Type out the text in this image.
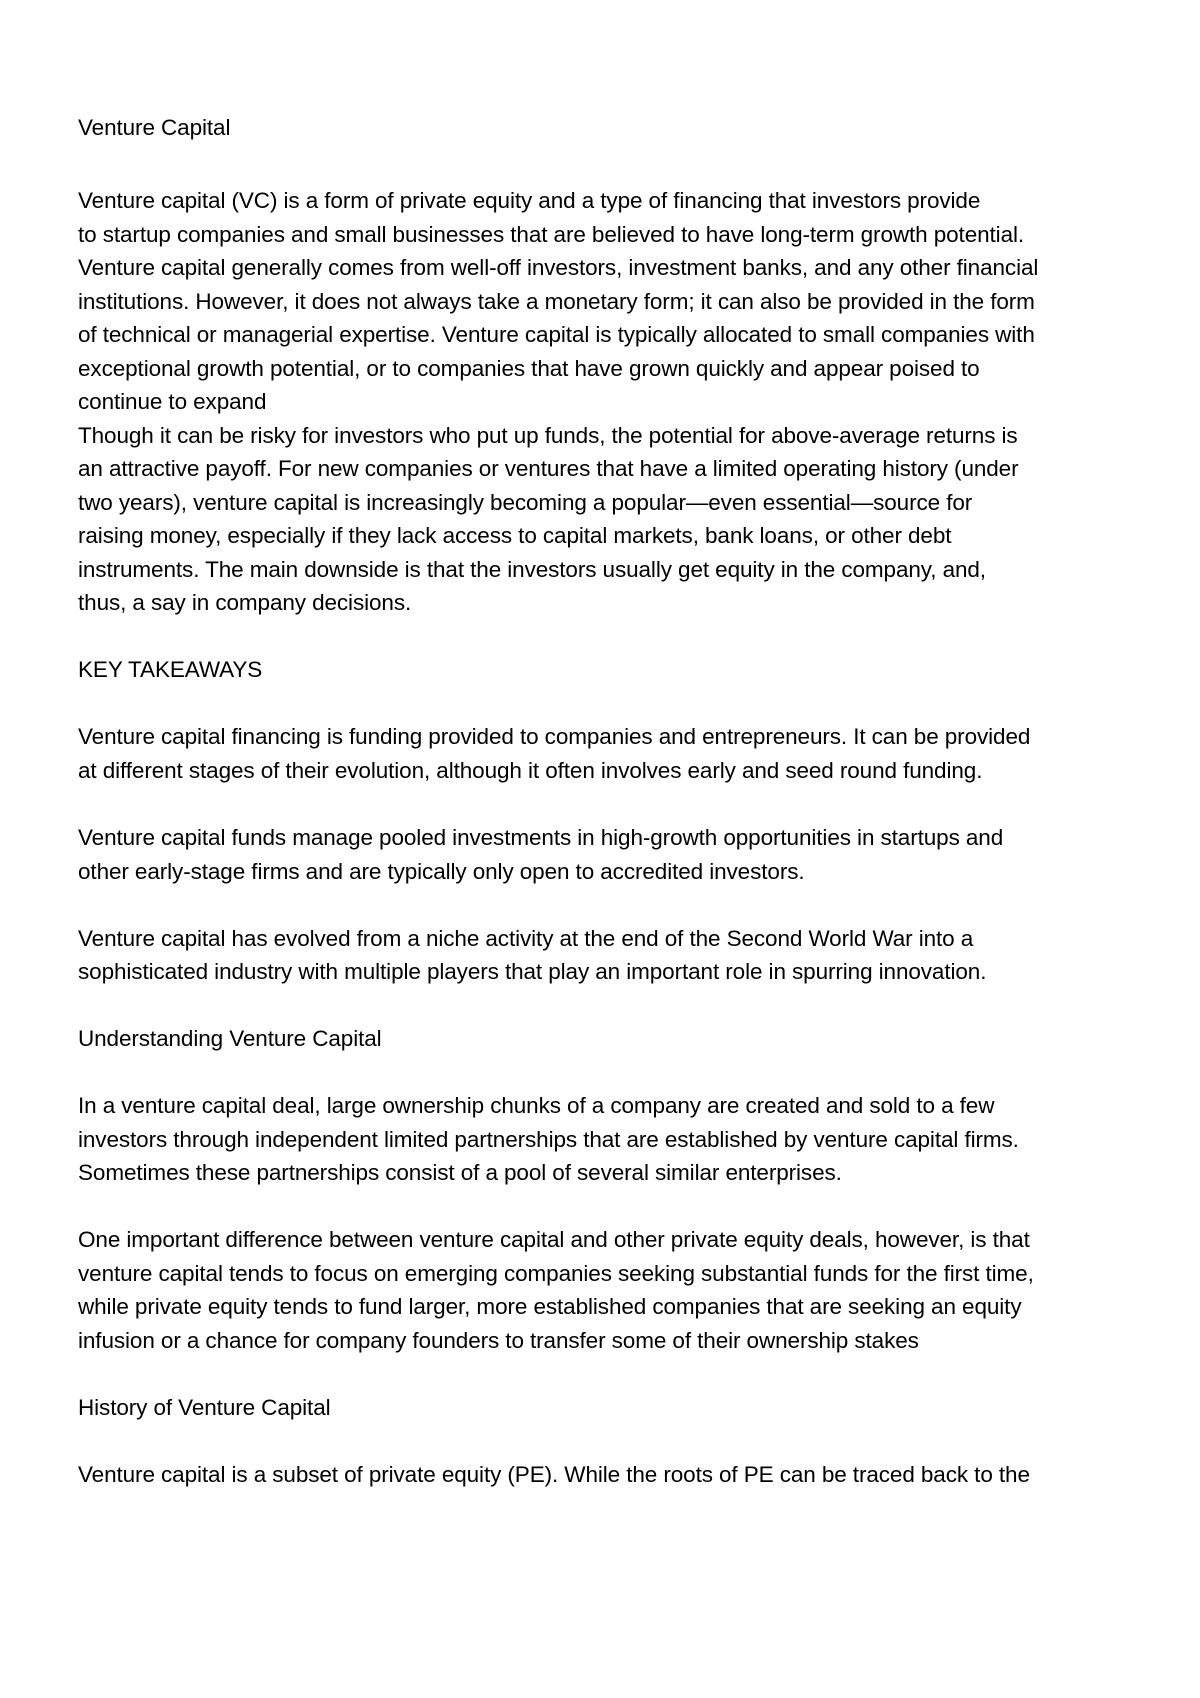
Venture Capital
Venture capital (VC) is a form of private equity and a type of financing that investors provide
to startup companies and small businesses that are believed to have long-term growth potential.
Venture capital generally comes from well-off investors, investment banks, and any other financial
institutions. However, it does not always take a monetary form; it can also be provided in the form
of technical or managerial expertise. Venture capital is typically allocated to small companies with
exceptional growth potential, or to companies that have grown quickly and appear poised to
continue to expand
Though it can be risky for investors who put up funds, the potential for above-average returns is
an attractive payoff. For new companies or ventures that have a limited operating history (under
two years), venture capital is increasingly becoming a popular—even essential—source for
raising money, especially if they lack access to capital markets, bank loans, or other debt
instruments. The main downside is that the investors usually get equity in the company, and,
thus, a say in company decisions.
KEY TAKEAWAYS
Venture capital financing is funding provided to companies and entrepreneurs. It can be provided
at different stages of their evolution, although it often involves early and seed round funding.
Venture capital funds manage pooled investments in high-growth opportunities in startups and
other early-stage firms and are typically only open to accredited investors.
Venture capital has evolved from a niche activity at the end of the Second World War into a
sophisticated industry with multiple players that play an important role in spurring innovation.
Understanding Venture Capital
In a venture capital deal, large ownership chunks of a company are created and sold to a few
investors through independent limited partnerships that are established by venture capital firms.
Sometimes these partnerships consist of a pool of several similar enterprises.
One important difference between venture capital and other private equity deals, however, is that
venture capital tends to focus on emerging companies seeking substantial funds for the first time,
while private equity tends to fund larger, more established companies that are seeking an equity
infusion or a chance for company founders to transfer some of their ownership stakes
History of Venture Capital
Venture capital is a subset of private equity (PE). While the roots of PE can be traced back to the
